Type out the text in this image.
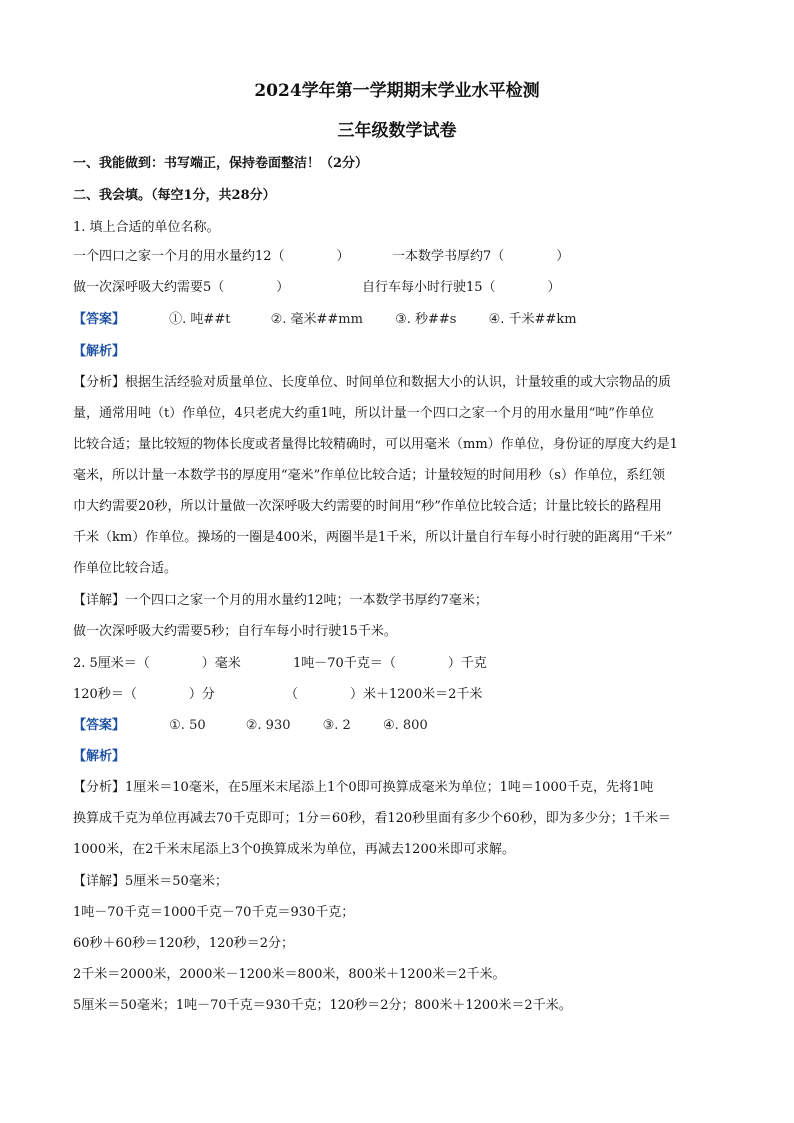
2024学年第一学期期末学业水平检测
三年级数学试卷
一、我能做到：书写端正，保持卷面整洁！（2分）
二、我会填。（每空1分，共28分）
1. 填上合适的单位名称。
一个四口之家一个月的用水量约12（　　　　）	一本数学书厚约7（　　　　）
做一次深呼吸大约需要5（　　　　）	自行车每小时行驶15（　　　　）
【答案】	①. 吨##t	②. 毫米##mm ③. 秒##s ④. 千米##km
【解析】
【分析】根据生活经验对质量单位、长度单位、时间单位和数据大小的认识，计量较重的或大宗物品的质
量，通常用吨（t）作单位，4只老虎大约重1吨，所以计量一个四口之家一个月的用水量用“吨”作单位
比较合适；量比较短的物体长度或者量得比较精确时，可以用毫米（mm）作单位，身份证的厚度大约是1
毫米，所以计量一本数学书的厚度用“毫米”作单位比较合适；计量较短的时间用秒（s）作单位，系红领
巾大约需要20秒，所以计量做一次深呼吸大约需要的时间用“秒”作单位比较合适；计量比较长的路程用
千米（km）作单位。操场的一圈是400米，两圈半是1千米，所以计量自行车每小时行驶的距离用“千米”
作单位比较合适。
【详解】一个四口之家一个月的用水量约12吨；一本数学书厚约7毫米；
做一次深呼吸大约需要5秒；自行车每小时行驶15千米。
2. 5厘米＝（　　　　）毫米	1吨－70千克＝（　　　　）千克
120秒＝（　　　　）分	（　　　　）米＋1200米＝2千米
【答案】	①. 50	②. 930 ③. 2 ④. 800
【解析】
【分析】1厘米＝10毫米，在5厘米末尾添上1个0即可换算成毫米为单位；1吨＝1000千克，先将1吨
换算成千克为单位再减去70千克即可；1分＝60秒，看120秒里面有多少个60秒，即为多少分；1千米＝
1000米，在2千米末尾添上3个0换算成米为单位，再减去1200米即可求解。
【详解】5厘米＝50毫米；
1吨－70千克＝1000千克－70千克＝930千克；
60秒＋60秒＝120秒，120秒＝2分；
2千米＝2000米，2000米－1200米＝800米，800米＋1200米＝2千米。
5厘米＝50毫米；1吨－70千克＝930千克；120秒＝2分；800米＋1200米＝2千米。
